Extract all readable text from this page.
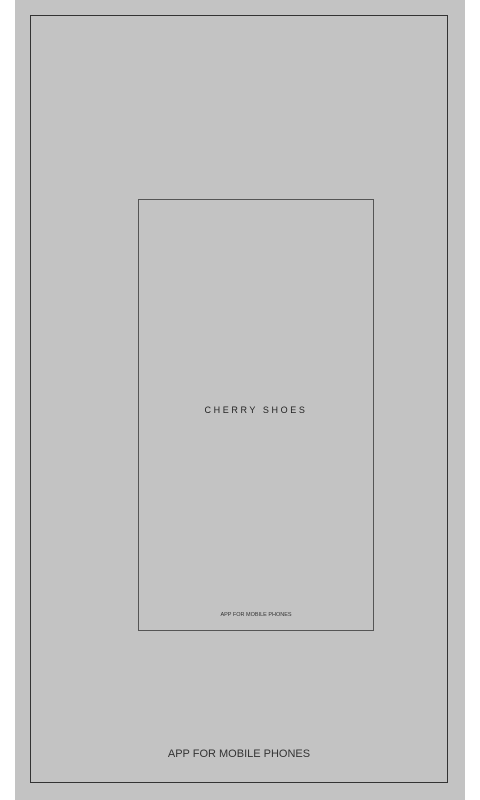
CHERRY SHOES
APP FOR MOBILE PHONES
APP FOR MOBILE PHONES
